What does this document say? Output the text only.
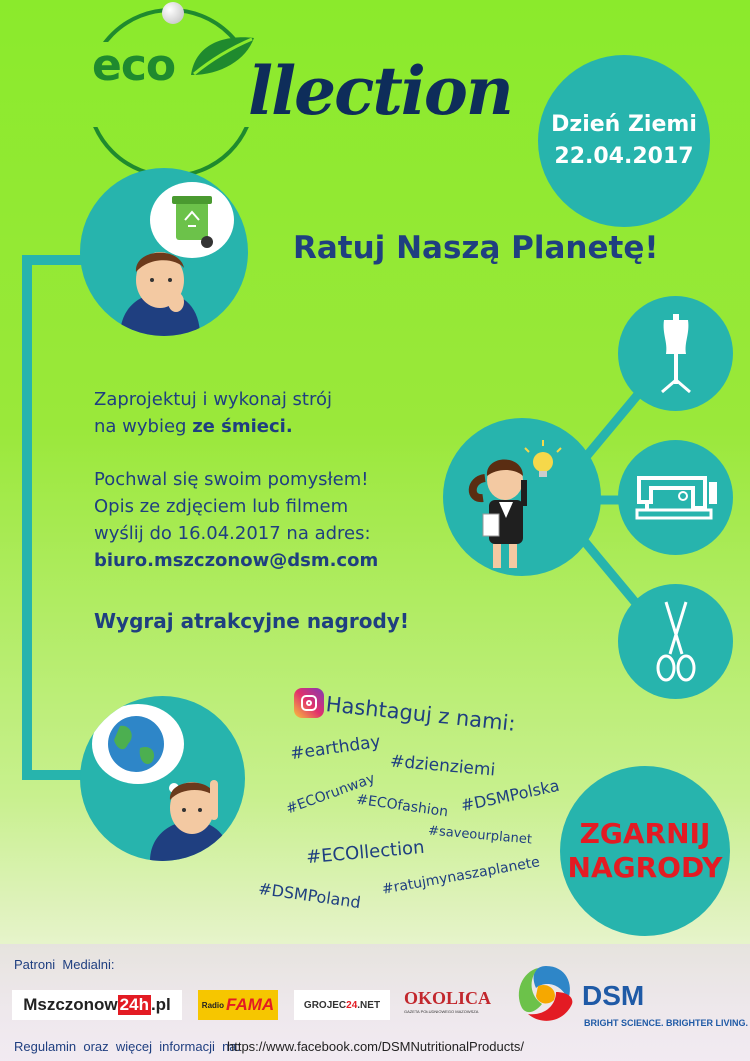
eco llection Dzień Ziemi
22.04.2017
Ratuj Naszą Planetę!
Zaprojektuj i wykonaj strój
na wybieg ze śmieci.
Pochwal się swoim pomysłem!
Opis ze zdjęciem lub filmem
wyślij do 16.04.2017 na adres:
biuro.mszczonow@dsm.com
Wygraj atrakcyjne nagrody!
Hashtaguj z nami:
#earthday
#dzienziemi
#ECOrunway
#ECOfashion #DSMPolska
#saveourplanet
#ECOllection
#ratujmynaszaplanete
#DSMPoland
ZGARNIJ
NAGRODY
Patroni  Medialni:
Mszczonow 24h .pl	Radio FAMA	GROJEC 24 .NET OKOLICA
GAZETA POŁUDNIOWEGO MAZOWSZA
DSM
BRIGHT SCIENCE. BRIGHTER LIVING.
Regulamin  oraz  więcej  informacji  na:
https://www.facebook.com/DSMNutritionalProducts/
